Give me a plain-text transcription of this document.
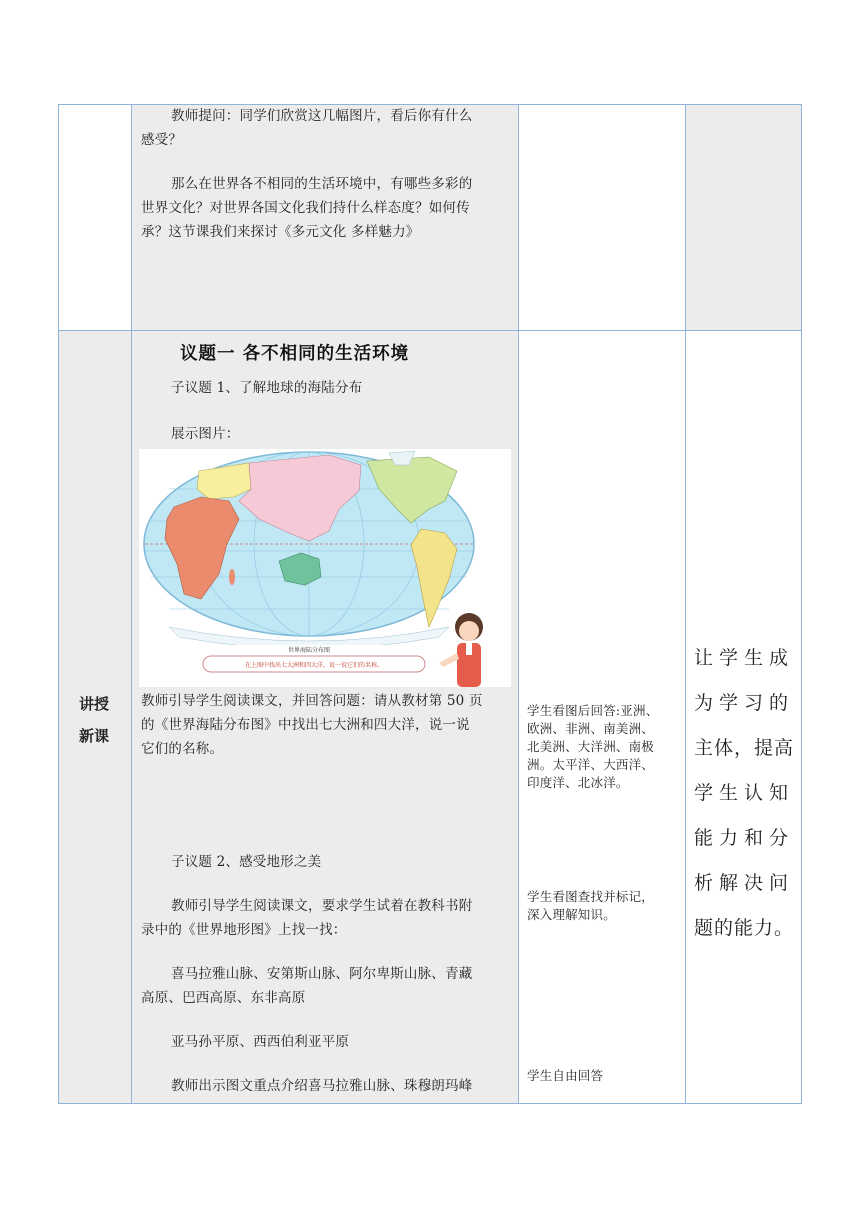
教师提问：同学们欣赏这几幅图片，看后你有什么

感受？

那么在世界各不相同的生活环境中，有哪些多彩的

世界文化？对世界各国文化我们持什么样态度？如何传

承？这节课我们来探讨《多元文化 多样魅力》

讲授
新课
议题一 各不相同的生活环境

子议题 1、了解地球的海陆分布

展示图片：

世界海陆分布图
在上图中找出七大洲和四大洋，说一说它们的名称。

教师引导学生阅读课文，并回答问题：请从教材第 50 页

的《世界海陆分布图》中找出七大洲和四大洋，说一说

它们的名称。

子议题 2、感受地形之美

教师引导学生阅读课文，要求学生试着在教科书附

录中的《世界地形图》上找一找：

喜马拉雅山脉、安第斯山脉、阿尔卑斯山脉、青藏

高原、巴西高原、东非高原

亚马孙平原、西西伯利亚平原

教师出示图文重点介绍喜马拉雅山脉、珠穆朗玛峰

学生看图后回答:亚洲、

欧洲、非洲、南美洲、

北美洲、大洋洲、南极

洲。太平洋、大西洋、

印度洋、北冰洋。

学生看图查找并标记，

深入理解知识。

学生自由回答

让学生成
为学习的
主体，提高
学生认知
能力和分
析解决问
题的能力。
